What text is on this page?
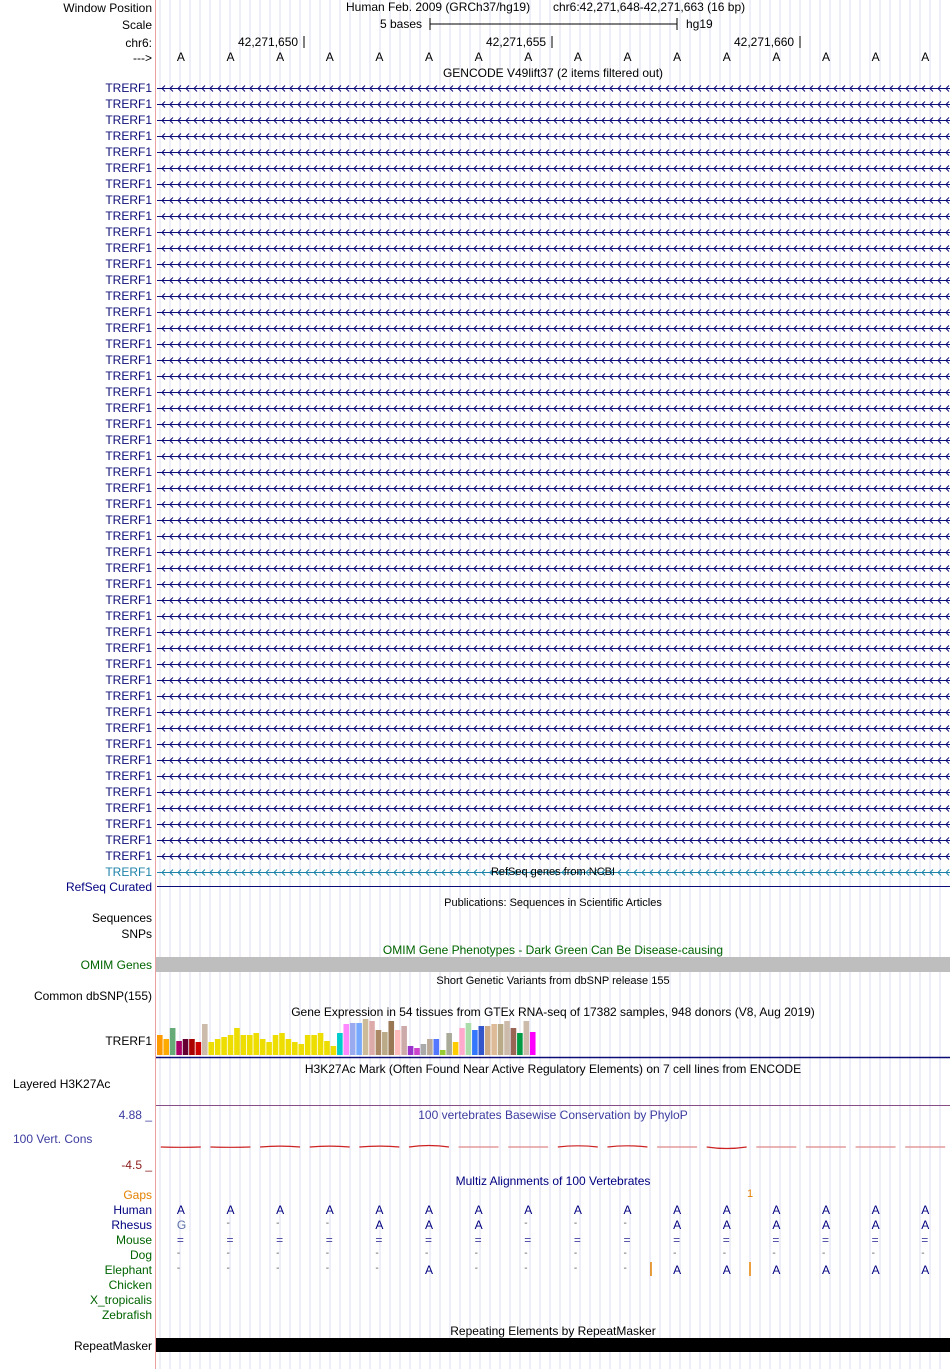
Window Position	Human Feb. 2009 (GRCh37/hg19) chr6:42,271,648-42,271,663 (16 bp)
Scale	5 bases	hg19
chr6:	42,271,650	42,271,655	42,271,660
---> A	A	A	A	A	A	A	A	A	A	A	A	A	A	A	A
GENCODE V49lift37 (2 items filtered out)
TRERF1
TRERF1
TRERF1
TRERF1
TRERF1
TRERF1
TRERF1
TRERF1
TRERF1
TRERF1
TRERF1
TRERF1
TRERF1
TRERF1
TRERF1
TRERF1
TRERF1
TRERF1
TRERF1
TRERF1
TRERF1
TRERF1
TRERF1
TRERF1
TRERF1
TRERF1
TRERF1
TRERF1
TRERF1
TRERF1
TRERF1
TRERF1
TRERF1
TRERF1
TRERF1
TRERF1
TRERF1
TRERF1
TRERF1
TRERF1
TRERF1
TRERF1
TRERF1
TRERF1
TRERF1
TRERF1
TRERF1
TRERF1
TRERF1
TRERF1	RefSeq genes from NCBI
RefSeq Curated
Publications: Sequences in Scientific Articles
Sequences
SNPs
OMIM Gene Phenotypes - Dark Green Can Be Disease-causing
OMIM Genes
Short Genetic Variants from dbSNP release 155
Common dbSNP(155)
Gene Expression in 54 tissues from GTEx RNA-seq of 17382 samples, 948 donors (V8, Aug 2019)
TRERF1
H3K27Ac Mark (Often Found Near Active Regulatory Elements) on 7 cell lines from ENCODE
Layered H3K27Ac
100 vertebrates Basewise Conservation by PhyloP
4.88 _
100 Vert. Cons
-4.5 _
Multiz Alignments of 100 Vertebrates
Gaps	1
Human A	A	A	A	A	A	A	A	A	A	A	A	A	A	A	A
Rhesus G	-	-	-	A	A	A	-	-	-	A	A	A	A	A	A
Mouse =	=	=	=	=	=	=	=	=	=	=	=	=	=	=	=
Dog -	-	-	-	-	-	-	-	-	-	-	-	-	-	-	-
Elephant -	-	-	-	-	A	-	-	-	-	A	A	A	A	A	A
Chicken
X_tropicalis
Zebrafish
Repeating Elements by RepeatMasker
RepeatMasker
